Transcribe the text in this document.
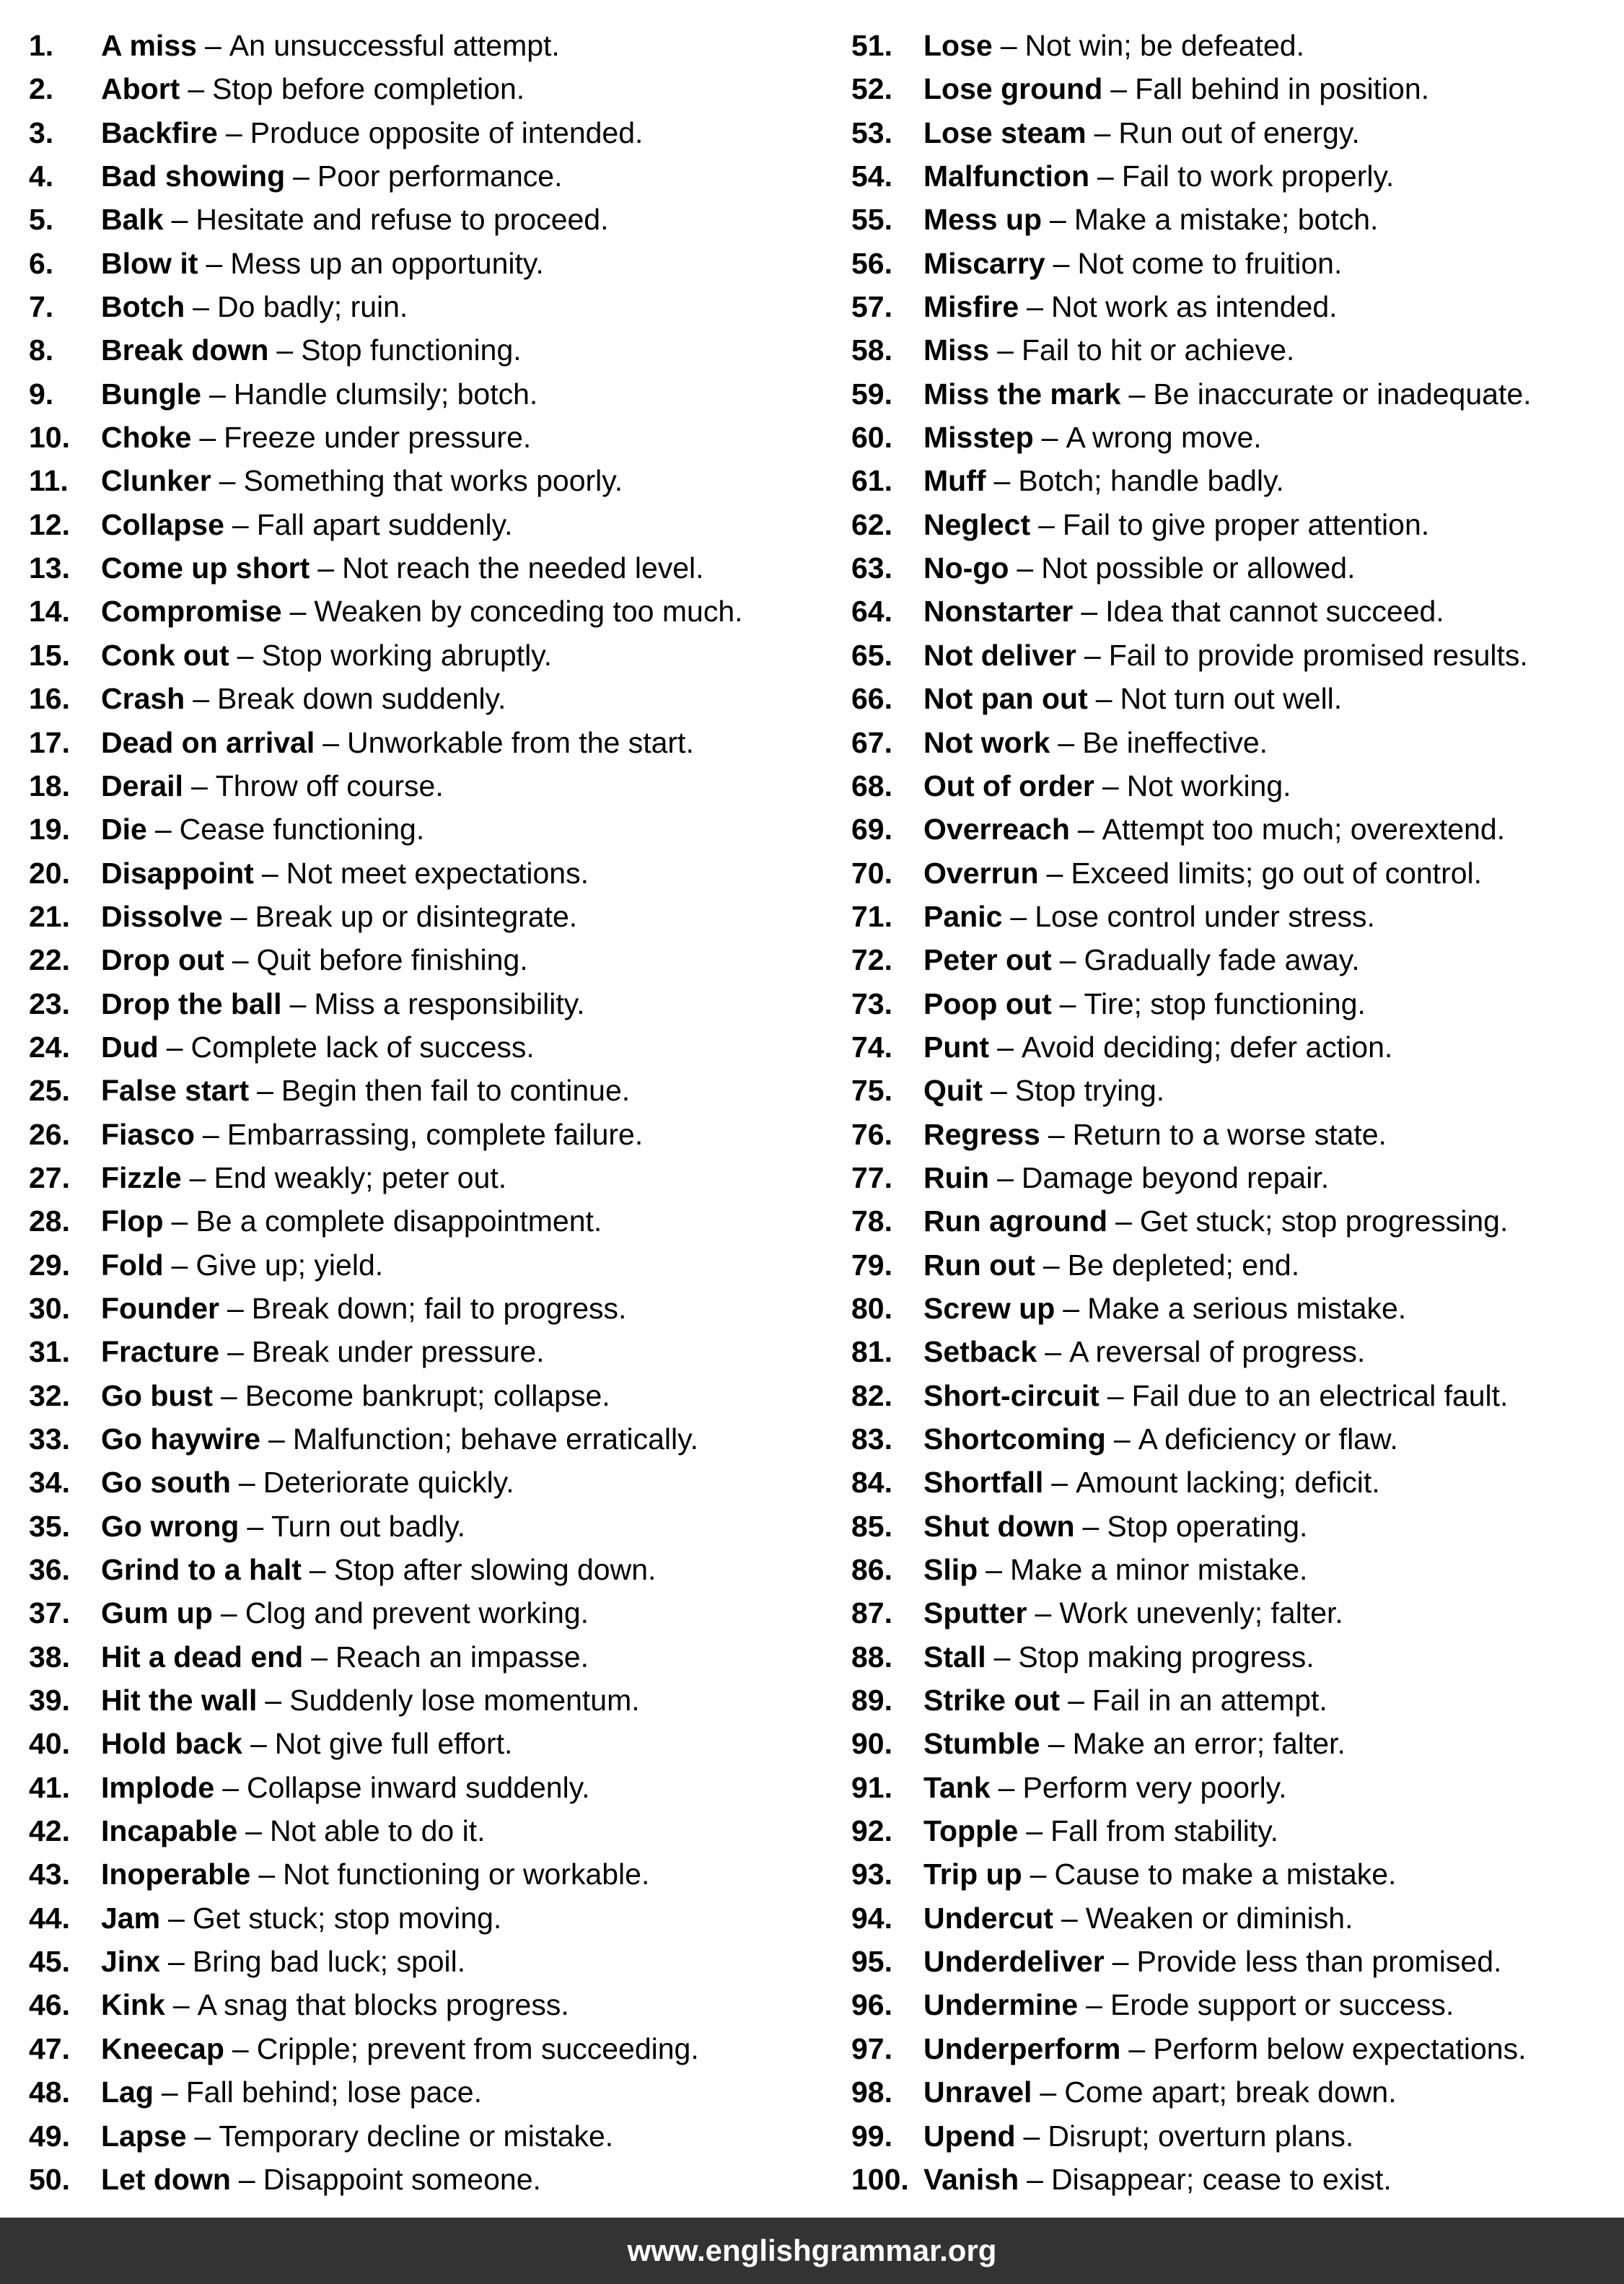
1.	A miss – An unsuccessful attempt.
2.	Abort – Stop before completion.
3.	Backfire – Produce opposite of intended.
4.	Bad showing – Poor performance.
5.	Balk – Hesitate and refuse to proceed.
6.	Blow it – Mess up an opportunity.
7.	Botch – Do badly; ruin.
8.	Break down – Stop functioning.
9.	Bungle – Handle clumsily; botch.
10.	Choke – Freeze under pressure.
11.	Clunker – Something that works poorly.
12.	Collapse – Fall apart suddenly.
13.	Come up short – Not reach the needed level.
14.	Compromise – Weaken by conceding too much.
15.	Conk out – Stop working abruptly.
16.	Crash – Break down suddenly.
17.	Dead on arrival – Unworkable from the start.
18.	Derail – Throw off course.
19.	Die – Cease functioning.
20.	Disappoint – Not meet expectations.
21.	Dissolve – Break up or disintegrate.
22.	Drop out – Quit before finishing.
23.	Drop the ball – Miss a responsibility.
24.	Dud – Complete lack of success.
25.	False start – Begin then fail to continue.
26.	Fiasco – Embarrassing, complete failure.
27.	Fizzle – End weakly; peter out.
28.	Flop – Be a complete disappointment.
29.	Fold – Give up; yield.
30.	Founder – Break down; fail to progress.
31.	Fracture – Break under pressure.
32.	Go bust – Become bankrupt; collapse.
33.	Go haywire – Malfunction; behave erratically.
34.	Go south – Deteriorate quickly.
35.	Go wrong – Turn out badly.
36.	Grind to a halt – Stop after slowing down.
37.	Gum up – Clog and prevent working.
38.	Hit a dead end – Reach an impasse.
39.	Hit the wall – Suddenly lose momentum.
40.	Hold back – Not give full effort.
41.	Implode – Collapse inward suddenly.
42.	Incapable – Not able to do it.
43.	Inoperable – Not functioning or workable.
44.	Jam – Get stuck; stop moving.
45.	Jinx – Bring bad luck; spoil.
46.	Kink – A snag that blocks progress.
47.	Kneecap – Cripple; prevent from succeeding.
48.	Lag – Fall behind; lose pace.
49.	Lapse – Temporary decline or mistake.
50.	Let down – Disappoint someone.
51.	Lose – Not win; be defeated.
52.	Lose ground – Fall behind in position.
53.	Lose steam – Run out of energy.
54.	Malfunction – Fail to work properly.
55.	Mess up – Make a mistake; botch.
56.	Miscarry – Not come to fruition.
57.	Misfire – Not work as intended.
58.	Miss – Fail to hit or achieve.
59.	Miss the mark – Be inaccurate or inadequate.
60.	Misstep – A wrong move.
61.	Muff – Botch; handle badly.
62.	Neglect – Fail to give proper attention.
63.	No-go – Not possible or allowed.
64.	Nonstarter – Idea that cannot succeed.
65.	Not deliver – Fail to provide promised results.
66.	Not pan out – Not turn out well.
67.	Not work – Be ineffective.
68.	Out of order – Not working.
69.	Overreach – Attempt too much; overextend.
70.	Overrun – Exceed limits; go out of control.
71.	Panic – Lose control under stress.
72.	Peter out – Gradually fade away.
73.	Poop out – Tire; stop functioning.
74.	Punt – Avoid deciding; defer action.
75.	Quit – Stop trying.
76.	Regress – Return to a worse state.
77.	Ruin – Damage beyond repair.
78.	Run aground – Get stuck; stop progressing.
79.	Run out – Be depleted; end.
80.	Screw up – Make a serious mistake.
81.	Setback – A reversal of progress.
82.	Short-circuit – Fail due to an electrical fault.
83.	Shortcoming – A deficiency or flaw.
84.	Shortfall – Amount lacking; deficit.
85.	Shut down – Stop operating.
86.	Slip – Make a minor mistake.
87.	Sputter – Work unevenly; falter.
88.	Stall – Stop making progress.
89.	Strike out – Fail in an attempt.
90.	Stumble – Make an error; falter.
91.	Tank – Perform very poorly.
92.	Topple – Fall from stability.
93.	Trip up – Cause to make a mistake.
94.	Undercut – Weaken or diminish.
95.	Underdeliver – Provide less than promised.
96.	Undermine – Erode support or success.
97.	Underperform – Perform below expectations.
98.	Unravel – Come apart; break down.
99.	Upend – Disrupt; overturn plans.
100. Vanish – Disappear; cease to exist.
www.englishgrammar.org
